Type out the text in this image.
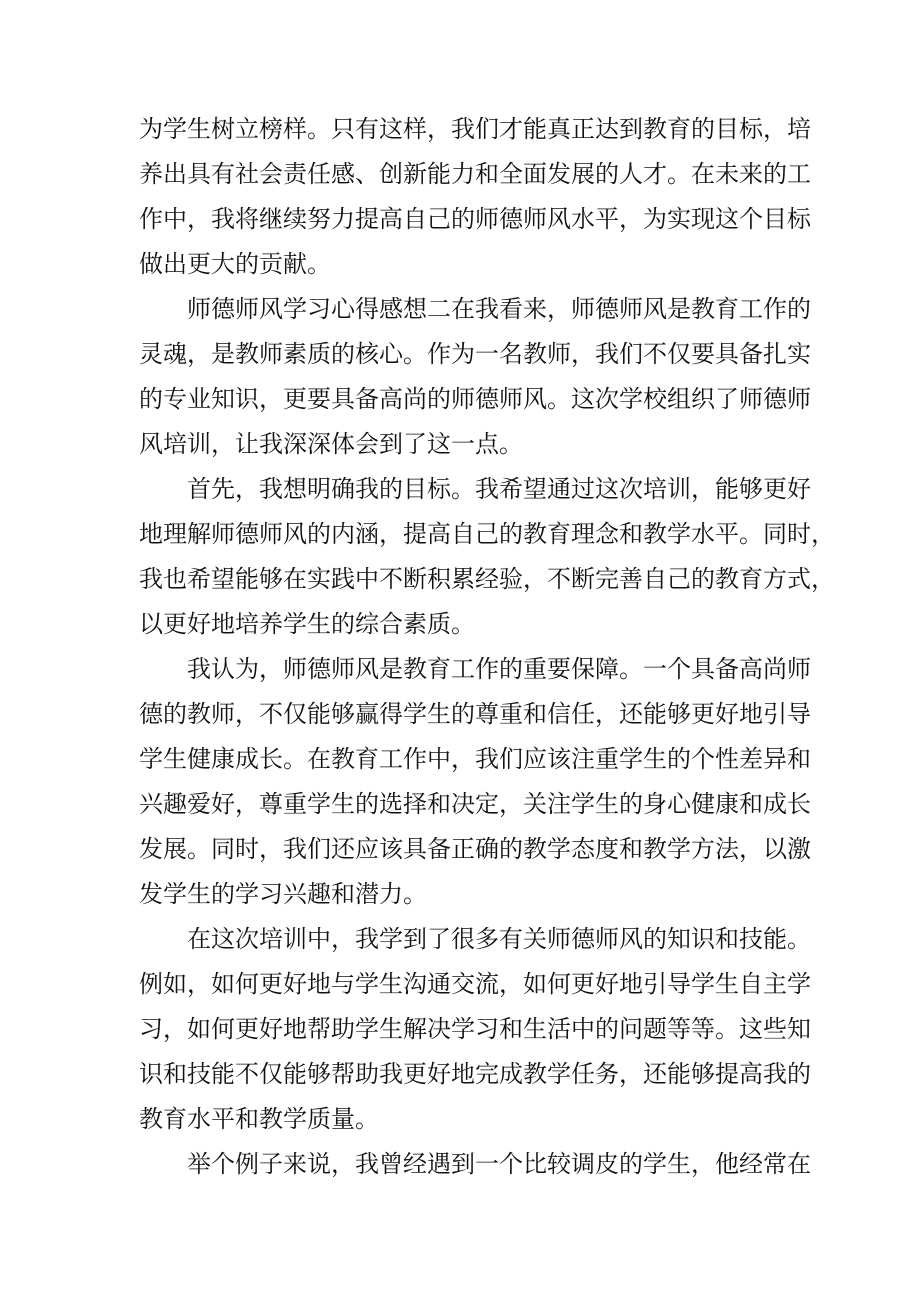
为学生树立榜样。只有这样，我们才能真正达到教育的目标，培
养出具有社会责任感、创新能力和全面发展的人才。在未来的工
作中，我将继续努力提高自己的师德师风水平，为实现这个目标
做出更大的贡献。
师德师风学习心得感想二在我看来，师德师风是教育工作的
灵魂，是教师素质的核心。作为一名教师，我们不仅要具备扎实
的专业知识，更要具备高尚的师德师风。这次学校组织了师德师
风培训，让我深深体会到了这一点。
首先，我想明确我的目标。我希望通过这次培训，能够更好
地理解师德师风的内涵，提高自己的教育理念和教学水平。同时，
我也希望能够在实践中不断积累经验，不断完善自己的教育方式，
以更好地培养学生的综合素质。
我认为，师德师风是教育工作的重要保障。一个具备高尚师
德的教师，不仅能够赢得学生的尊重和信任，还能够更好地引导
学生健康成长。在教育工作中，我们应该注重学生的个性差异和
兴趣爱好，尊重学生的选择和决定，关注学生的身心健康和成长
发展。同时，我们还应该具备正确的教学态度和教学方法，以激
发学生的学习兴趣和潜力。
在这次培训中，我学到了很多有关师德师风的知识和技能。
例如，如何更好地与学生沟通交流，如何更好地引导学生自主学
习，如何更好地帮助学生解决学习和生活中的问题等等。这些知
识和技能不仅能够帮助我更好地完成教学任务，还能够提高我的
教育水平和教学质量。
举个例子来说，我曾经遇到一个比较调皮的学生，他经常在
